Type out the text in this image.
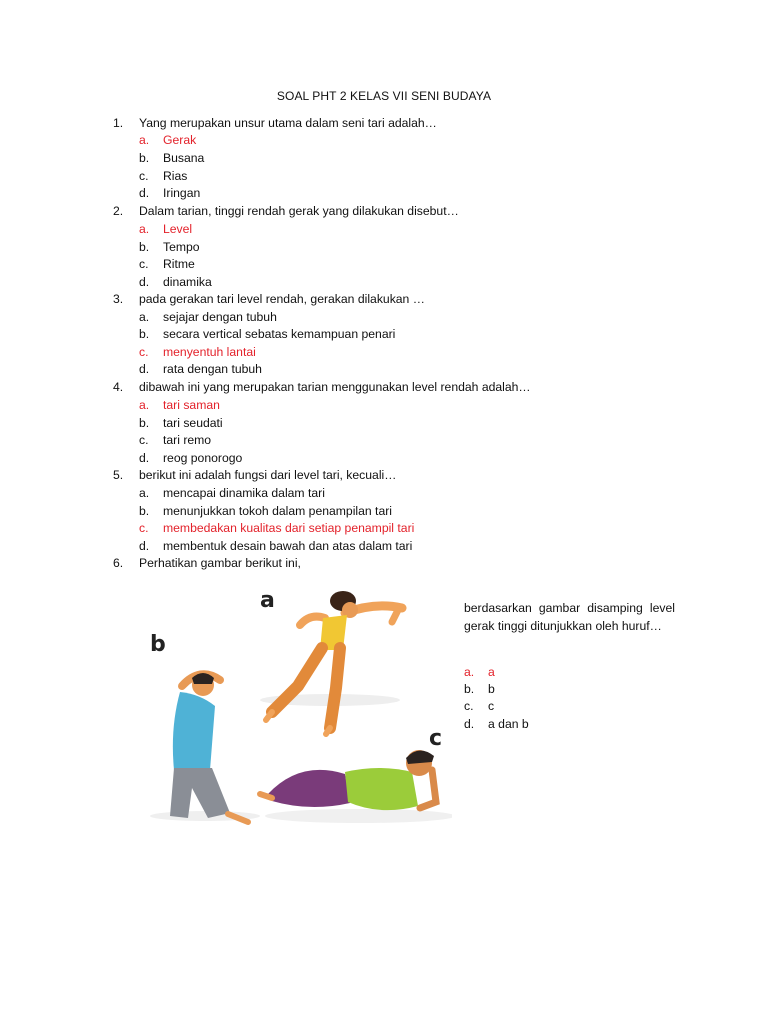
SOAL PHT 2 KELAS VII SENI BUDAYA
1.	Yang merupakan unsur utama dalam seni tari adalah…
a. Gerak
b. Busana
c. Rias
d. Iringan
2.	Dalam tarian, tinggi rendah gerak yang dilakukan disebut…
a. Level
b. Tempo
c. Ritme
d. dinamika
3.	pada gerakan tari level rendah, gerakan dilakukan …
a. sejajar dengan tubuh
b. secara vertical sebatas kemampuan penari
c. menyentuh lantai
d. rata dengan tubuh
4.	dibawah ini yang merupakan tarian menggunakan level rendah adalah…
a. tari saman
b. tari seudati
c. tari remo
d. reog ponorogo
5.	berikut ini adalah fungsi dari level tari, kecuali…
a. mencapai dinamika dalam tari
b. menunjukkan tokoh dalam penampilan tari
c. membedakan kualitas dari setiap penampil tari
d. membentuk desain bawah dan atas dalam tari
6.	Perhatikan gambar berikut ini,
a
b
c
berdasarkan gambar disamping level gerak tinggi ditunjukkan oleh huruf…
a. a
b. b
c. c
d. a dan b
